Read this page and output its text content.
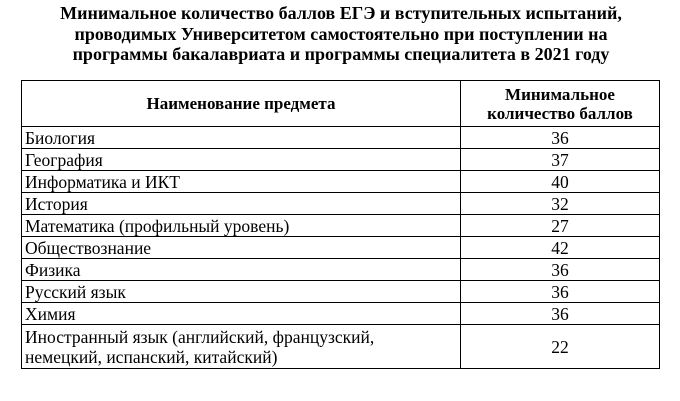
Минимальное количество баллов ЕГЭ и вступительных испытаний,
проводимых Университетом самостоятельно при поступлении на
программы бакалавриата и программы специалитета в 2021 году
Наименование предмета	Минимальное
количество баллов
Биология	36
География	37
Информатика и ИКТ	40
История	32
Математика (профильный уровень)	27
Обществознание	42
Физика	36
Русский язык	36
Химия	36
Иностранный язык (английский, французский,
немецкий, испанский, китайский)	22
